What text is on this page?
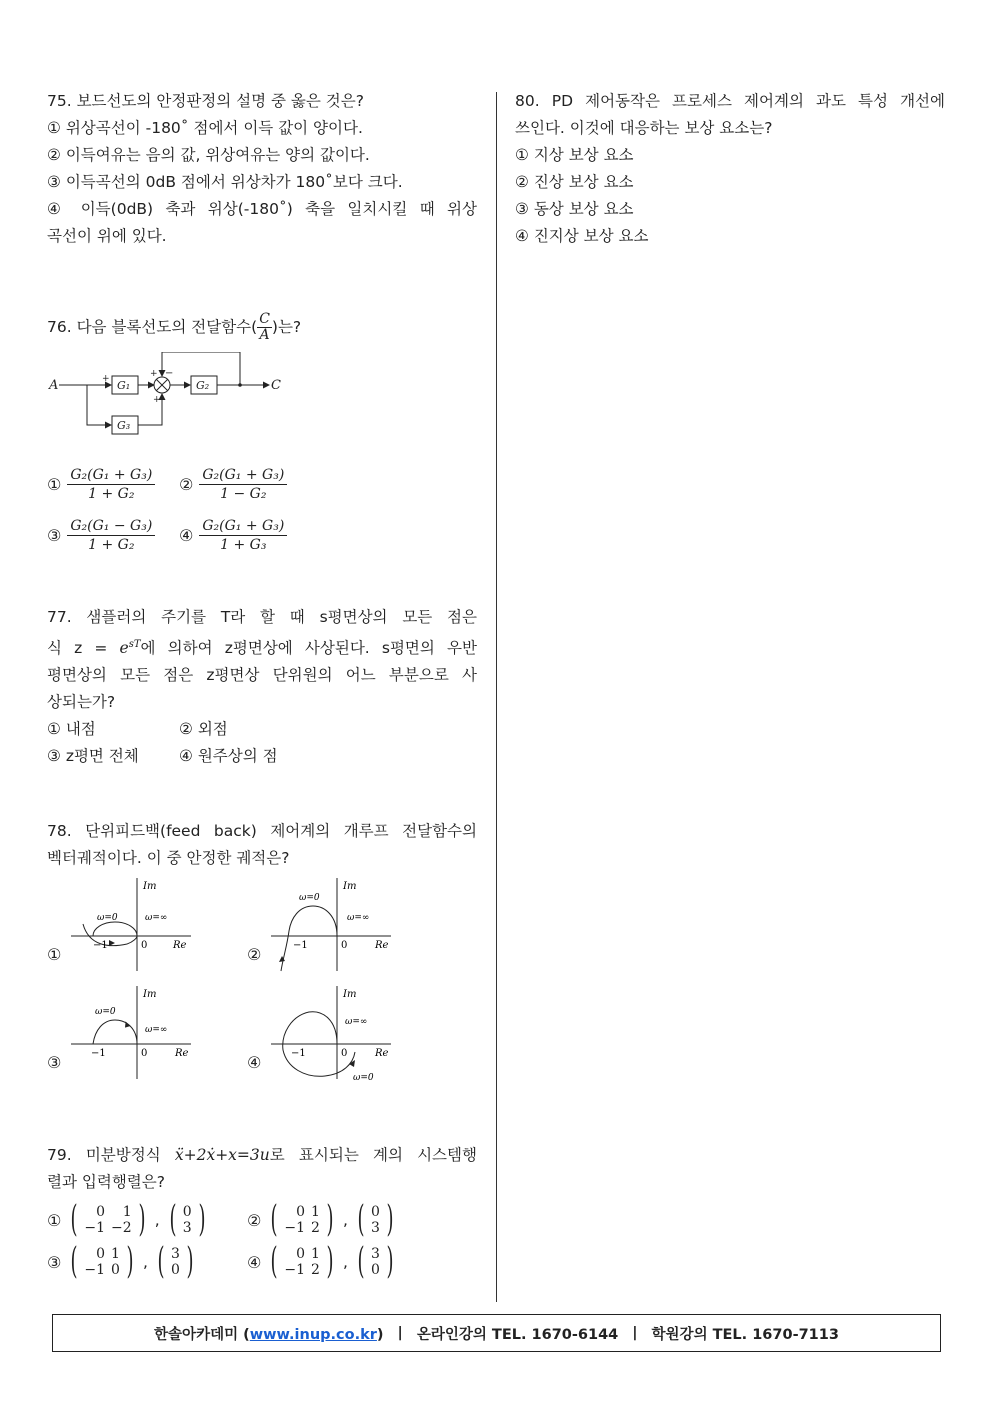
75. 보드선도의 안정판정의 설명 중 옳은 것은?
① 위상곡선이 -180˚ 점에서 이득 값이 양이다.
② 이득여유는 음의 값, 위상여유는 양의 값이다.
③ 이득곡선의 0dB 점에서 위상차가 180˚보다 크다.
④ 이득(0dB) 축과 위상(-180˚) 축을 일치시킬 때 위상
곡선이 위에 있다.
76. 다음 블록선도의 전달함수( $\frac{C}{A}$ )는?
A	G₁	G₂	C
G₃
+	+ −
+
① $\frac{\text{G₂(G₁ + G₃)}}{\text{1 + G₂}}$ ② $\frac{\text{G₂(G₁ + G₃)}}{\text{1 − G₂}}$
③ $\frac{\text{G₂(G₁ − G₃)}}{\text{1 + G₂}}$ ④ $\frac{\text{G₂(G₁ + G₃)}}{\text{1 + G₃}}$
77. 샘플러의 주기를 T라 할 때 s평면상의 모든 점은
식 $z = e^{sT}$에 의하여 z평면상에 사상된다. s평면의 우반
평면상의 모든 점은 z평면상 단위원의 어느 부분으로 사
상되는가?
① 내점	② 외점
③ z평면 전체	④ 원주상의 점
78. 단위피드백(feed back) 제어계의 개루프 전달함수의
벡터궤적이다. 이 중 안정한 궤적은?
①
Im
Re
−1	0
ω=0	ω=∞
②
Im
Re
−1	0
ω=0
ω=∞
③
Im
Re
−1	0
ω=0
ω=∞
④
Im
Re
−1	0
ω=∞
ω=0
79. 미분방정식 ẍ+2ẋ+x=3u로 표시되는 계의 시스템행
렬과 입력행렬은?
① ( 0	1
−1	−2 ) , ( 0
3 )	② ( 0	1
−1	2 ) , ( 0
3 )
③ ( 0	1
−1	0 ) , ( 3
0 )	④ ( 0	1
−1	2 ) , ( 3
0 )
80. PD 제어동작은 프로세스 제어계의 과도 특성 개선에
쓰인다. 이것에 대응하는 보상 요소는?
① 지상 보상 요소
② 진상 보상 요소
③ 동상 보상 요소
④ 진지상 보상 요소
한솔아카데미 (www.inup.co.kr) | 온라인강의 TEL. 1670-6144 | 학원강의 TEL. 1670-7113
